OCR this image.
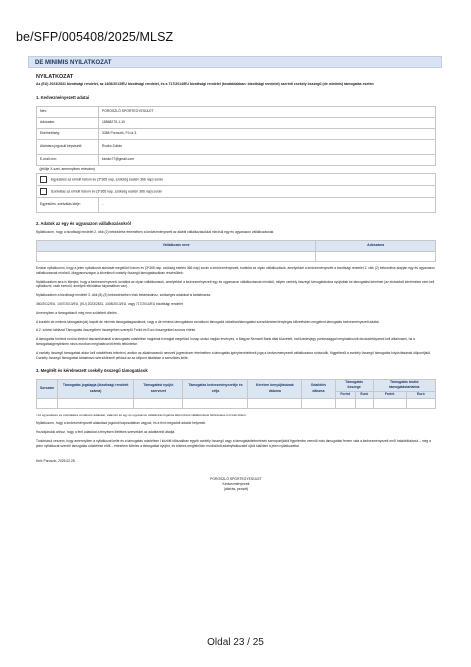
be/SFP/005408/2025/MLSZ
DE MINIMIS NYILATKOZAT
NYILATKOZAT
Az (EU) 2023/2831 bizottsági rendelet, az 1408/2013/EU bizottsági rendelet, és a 717/2014/EU bizottsági rendelet (továbbiakban: bizottsági rendelet) szerinti csekély összegű (de minimis) támogatás esetén
1. Kedvezményezett adatai
Név:	POROSZLÓ SPORTEGYESÜLET
Adószám:	18568275-1-10
Ekérhetőség:	3388 Poroszló, Fő út 3.
Aláírásra jogosult képviselő:	Rozko Zoltán
E-mail cím:	kicsko77@gmail.com
(jelölje X-szel, amennyiben releváns)	
Egyesülés az elmúlt három év (3*365 nap, szükség esetén 366 nap) során	
Szétválás az elmúlt három év (3*365 nap, szükség esetén 366 nap) során	
Egyesülés, szétválás ideje:	-
2. Adatok az egy és ugyanazon vállalkozásokról
Nyilatkozom, hogy a bizottsági rendelet 2. cikk (2) bekezdése értelmében a kedvezményezett az alábbi vállalkozásokkal minősül egy és ugyanazon vállalkozásnak.
Vállalkozás neve	Adószáma

Ezúton nyilatkozom, hogy a jelen nyilatkozat aláírását megelőző három év (3*365 nap, szükség esetén 366 nap) során a kedvezményezett, továbbá az olyan vállalkozások, amelyekkel a kedvezményezett a bizottsági rendelet 2. cikk (2) bekezdése alapján egy és ugyanazon vállalkozásnak minősül, Magyarországon a következő csekély összegű támogatásokban részesültek:
Nyilatkozatom arra is kiterjed, hogy a kedvezményezett, továbbá az olyan vállalkozások, amelyekkel a kedvezményezett egy és ugyanazon vállalkozásnak minősül, milyen csekély összegű támogatásokra nyújtottak be támogatási kérelmet (az elutasított kérelmeket nem kell nyilatkozni, csak ezekről, amelyek elbírálása folyamatban van).
Nyilatkozatom a bizottsági rendelet 3. cikk (8)-(9) bekezdéseiben írtak betartásához, szükséges adatokat is tartalmazza.
360/2012/EU, 1407/2013/EU, (EU) 2023/2831, 1408/2013/EU, vagy 717/2014/EU bizottsági rendelet
Amennyiben a támogatásról még nem születtett döntés.
A korábbi de minimis támogatás(ok) kapott de minimis támogatásgazdások, vagy a de minimis támogatásra vonatkozó támogatói okiratban/támogatási szerződésben/tényleges kifizetésben megjelent támogatás kedvezményezett adatai.
A 2. számú táblázat Támogatás összegében összegében szereplő Forint és Euró összegekkel azonos értéke.
A támogatás forintról euróra történő átszámításánál a támogatás odaítélése napjának hónapját megelőző hónap utolsó napján érvényes, a Magyar Nemzeti Bank által közzétett, hat tizedesjegy pontossággal meghatározott devizaárfolyamot kell alkalmazni, ha a támogatásigénylésben nincs euróban meghatározott érték feltüntetve.
A csekély összegű támogatást akkor kell odaítéltnek tekinteni, amikor az alkalmazandó nemzeti jogrendszer értelmében a támogatás igénybevételének joga a kedvezményezett vállalkozásra ruházódik, függetlenül a csekély összegű támogatás folyósításának időpontjától. Csekély összegű támogatást tartalmazó szerződésnél például az az időpont általában a szerződés kelte.
3. Megítélt és kérelmezett csekély összegű támogatások
Sorszám	Támogatás jogalapja (bizottsági rendelet száma)	Támogatást nyújtó szervezet	Támogatás kedvezményezettje és célja	Kérelem benyújtásának dátuma	Odaítélés dátuma	Támogatás összege		Támogatás bruttó támogatástartalma	
						Forint	Euró	Forint	Euró

¹ Az egyesülésre és szétválásra vonatkozó adatokat, valamint az egy és ugyanazon vállalkozás fogalma által érintett vállalkozások feltüntetése is ki kell tölteni.
Nyilatkozom, hogy a kedvezményezett alakulásá jogutódi kapcsolatban vagyok, és a fent megadott adatok helyesek.
Hozzájárulok ahhoz, hogy a fent adatokat a fenyítsen illetékes szervekkel az adatkezelő átadja.
Tudomásul veszem, hogy amennyiben a nyilatkozat kelte és a támogatás odaítélése I közötti időszakban egyéb csekély összegű vagy a támogatásfelmérések szempontjából figyelembe veendő más támogatást fenem vala a kedvezményezett erről haladéktalanul – még a jelen nyilatkozat szerinti támogatás odaítélése előtt – értesítem köteles a támogatást nyújtót, és köteles megfelelően módosított adatnyilatkozatot újból kiállítani a jelen nyilatkozattal.
Kelt: Poroszló, 2025.02.28.
POROSZLÓ SPORTEGYESÜLET
Kedvezményezett
(aláírás, pecsét)
Oldal 23 / 25
